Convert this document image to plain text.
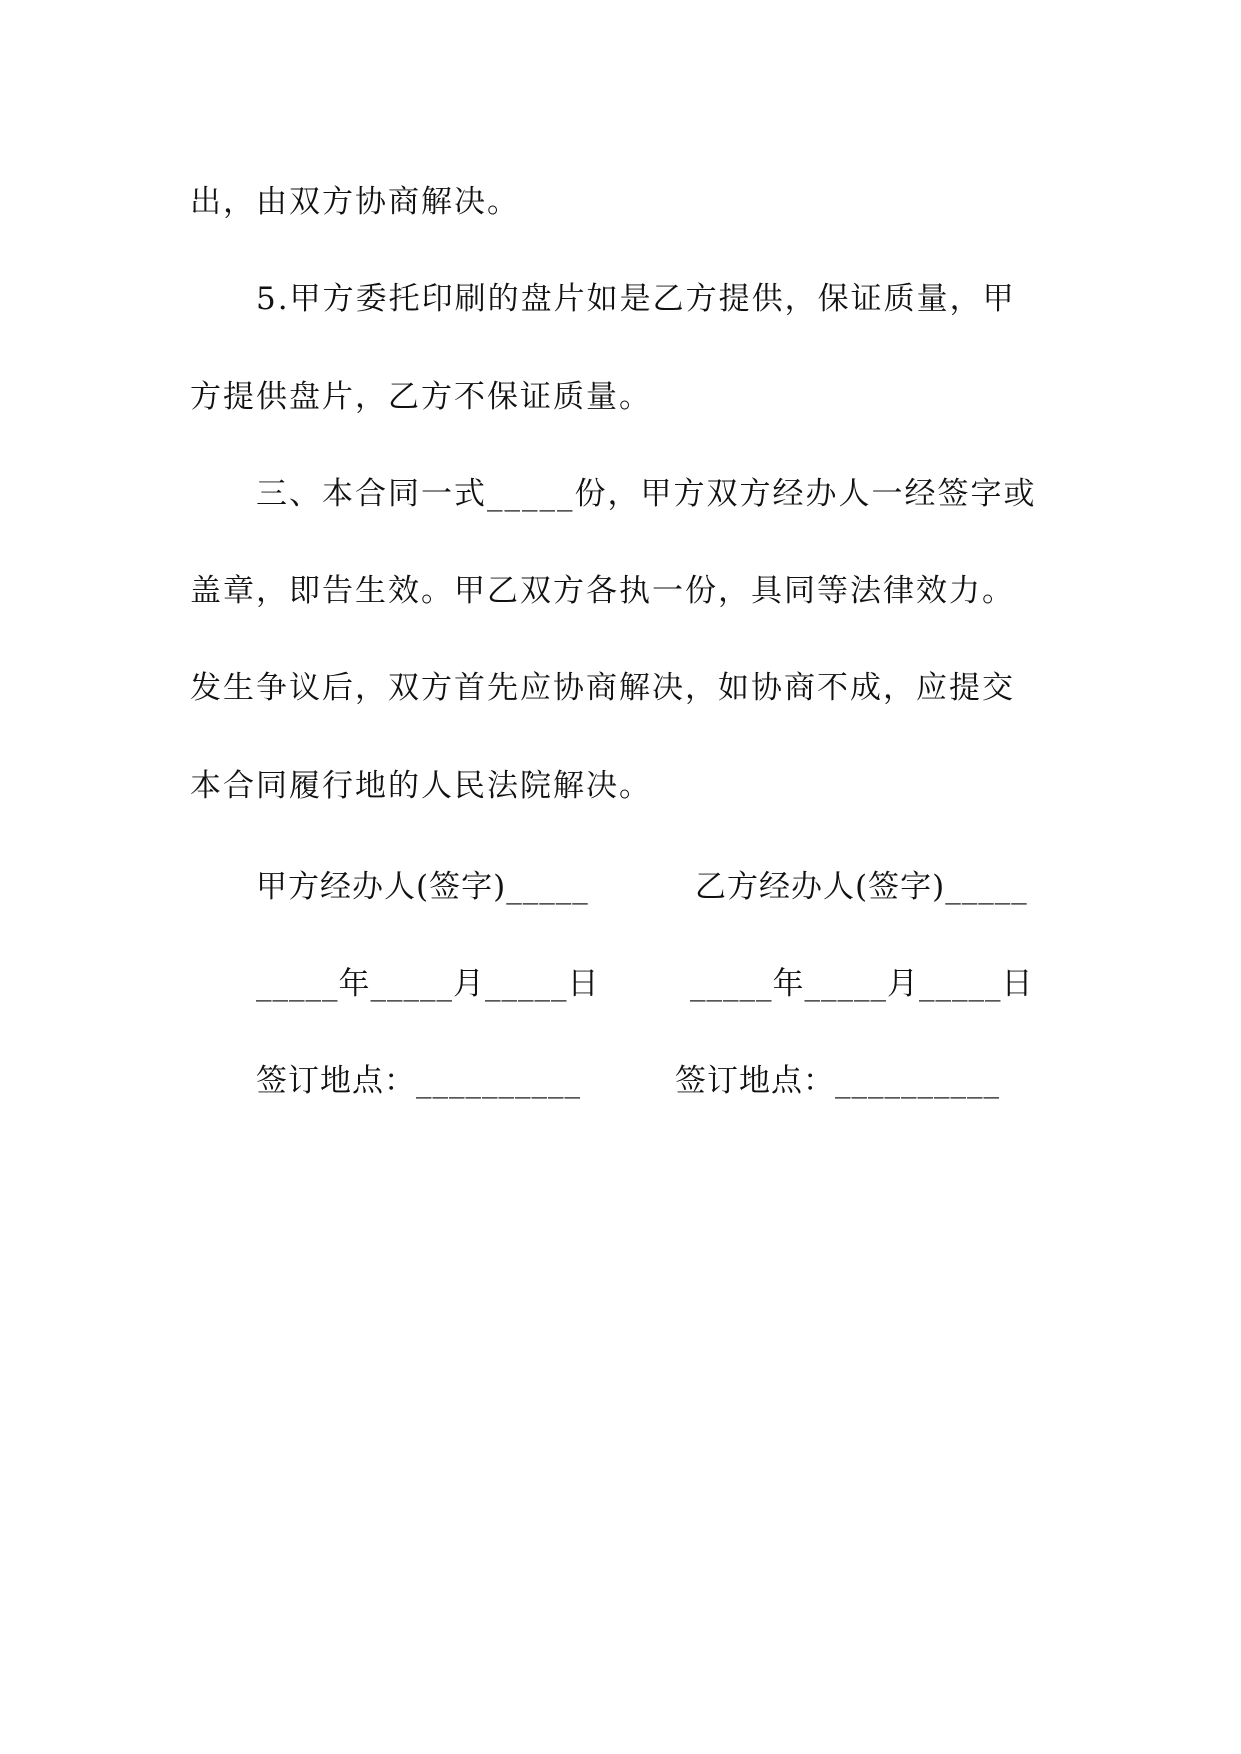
出，由双方协商解决。

5.甲方委托印刷的盘片如是乙方提供，保证质量，甲

方提供盘片，乙方不保证质量。

三、本合同一式_____份，甲方双方经办人一经签字或

盖章，即告生效。甲乙双方各执一份，具同等法律效力。

发生争议后，双方首先应协商解决，如协商不成，应提交

本合同履行地的人民法院解决。

甲方经办人(签字)_____	乙方经办人(签字)_____

_____年_____月_____日	_____年_____月_____日

签订地点：__________	签订地点：__________
